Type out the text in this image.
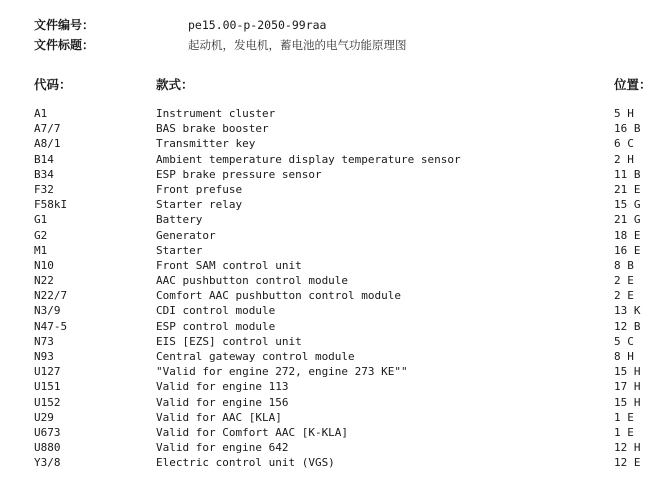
文件编号：	pe15.00-p-2050-99raa
文件标题：	起动机，发电机，蓄电池的电气功能原理图
代码：	款式：	位置：
A1	Instrument cluster	5 H
A7/7	BAS brake booster	16 B
A8/1	Transmitter key	6 C
B14	Ambient temperature display temperature sensor	2 H
B34	ESP brake pressure sensor	11 B
F32	Front prefuse	21 E
F58kI	Starter relay	15 G
G1	Battery	21 G
G2	Generator	18 E
M1	Starter	16 E
N10	Front SAM control unit	8 B
N22	AAC pushbutton control module	2 E
N22/7	Comfort AAC pushbutton control module	2 E
N3/9	CDI control module	13 K
N47-5	ESP control module	12 B
N73	EIS [EZS] control unit	5 C
N93	Central gateway control module	8 H
U127	"Valid for engine 272, engine 273 KE""	15 H
U151	Valid for engine 113	17 H
U152	Valid for engine 156	15 H
U29	Valid for AAC [KLA]	1 E
U673	Valid for Comfort AAC [K-KLA]	1 E
U880	Valid for engine 642	12 H
Y3/8	Electric control unit (VGS)	12 E
